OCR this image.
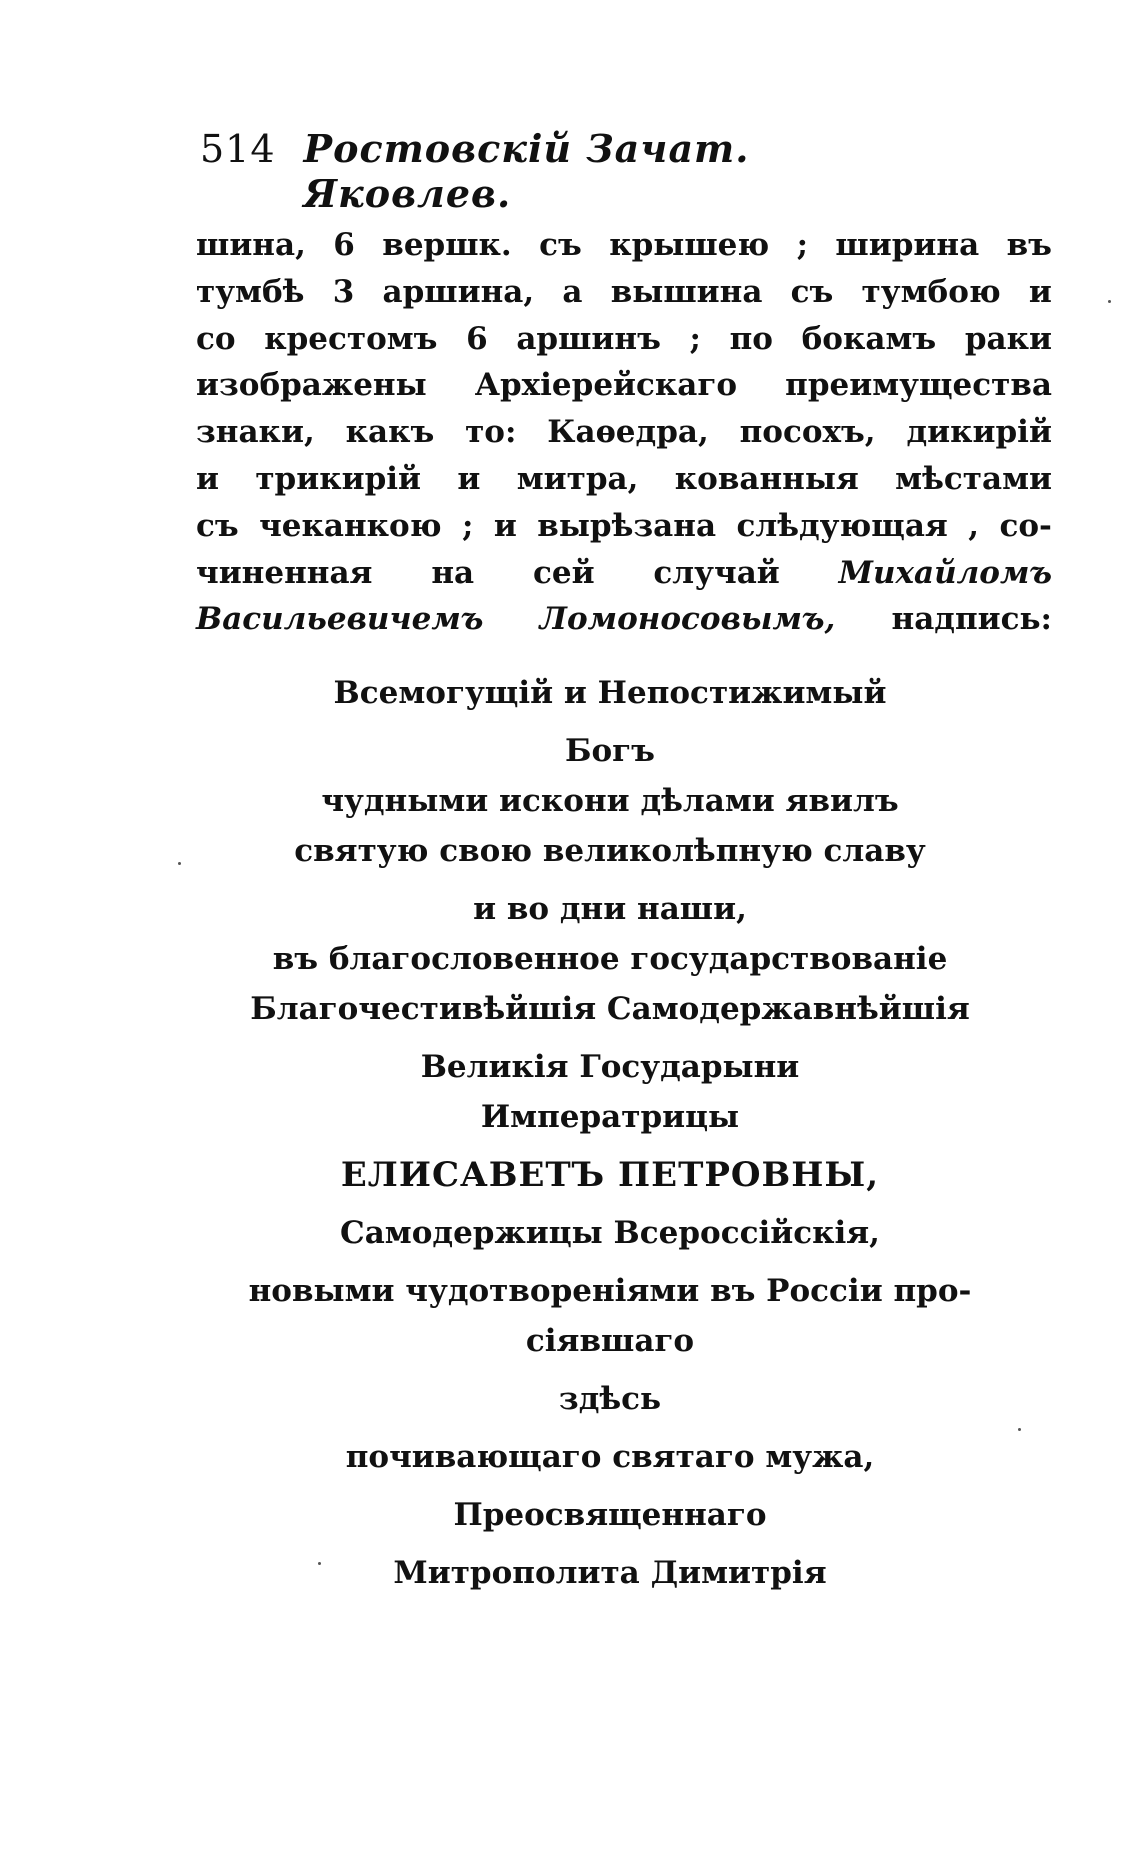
514 Ростовскій Зачат. Яковлев.
шина, 6 вершк. съ крышею ; ширина въ
тумбѣ 3 аршина, а вышина съ тумбою и
со крестомъ 6 аршинъ ; по бокамъ раки
изображены Архіерейскаго преимущества
знаки, какъ то: Каѳедра, посохъ, дикирій
и трикирій и митра, кованныя мѣстами
съ чеканкою ; и вырѣзана слѣдующая , со-
чиненная на сей случай Михайломъ
Васильевичемъ Ломоносовымъ, надпись:
Всемогущій и Непостижимый
Богъ
чудными искони дѣлами явилъ
святую свою великолѣпную славу
и во дни наши,
въ благословенное государствованіе
Благочестивѣйшія Самодержавнѣйшія
Великія Государыни
Императрицы
ЕЛИСАВЕТЪ ПЕТРОВНЫ,
Самодержицы Всероссійскія,
новыми чудотвореніями въ Россіи про-
сіявшаго
здѣсь
почивающаго святаго мужа,
Преосвященнаго
Митрополита Димитрія
